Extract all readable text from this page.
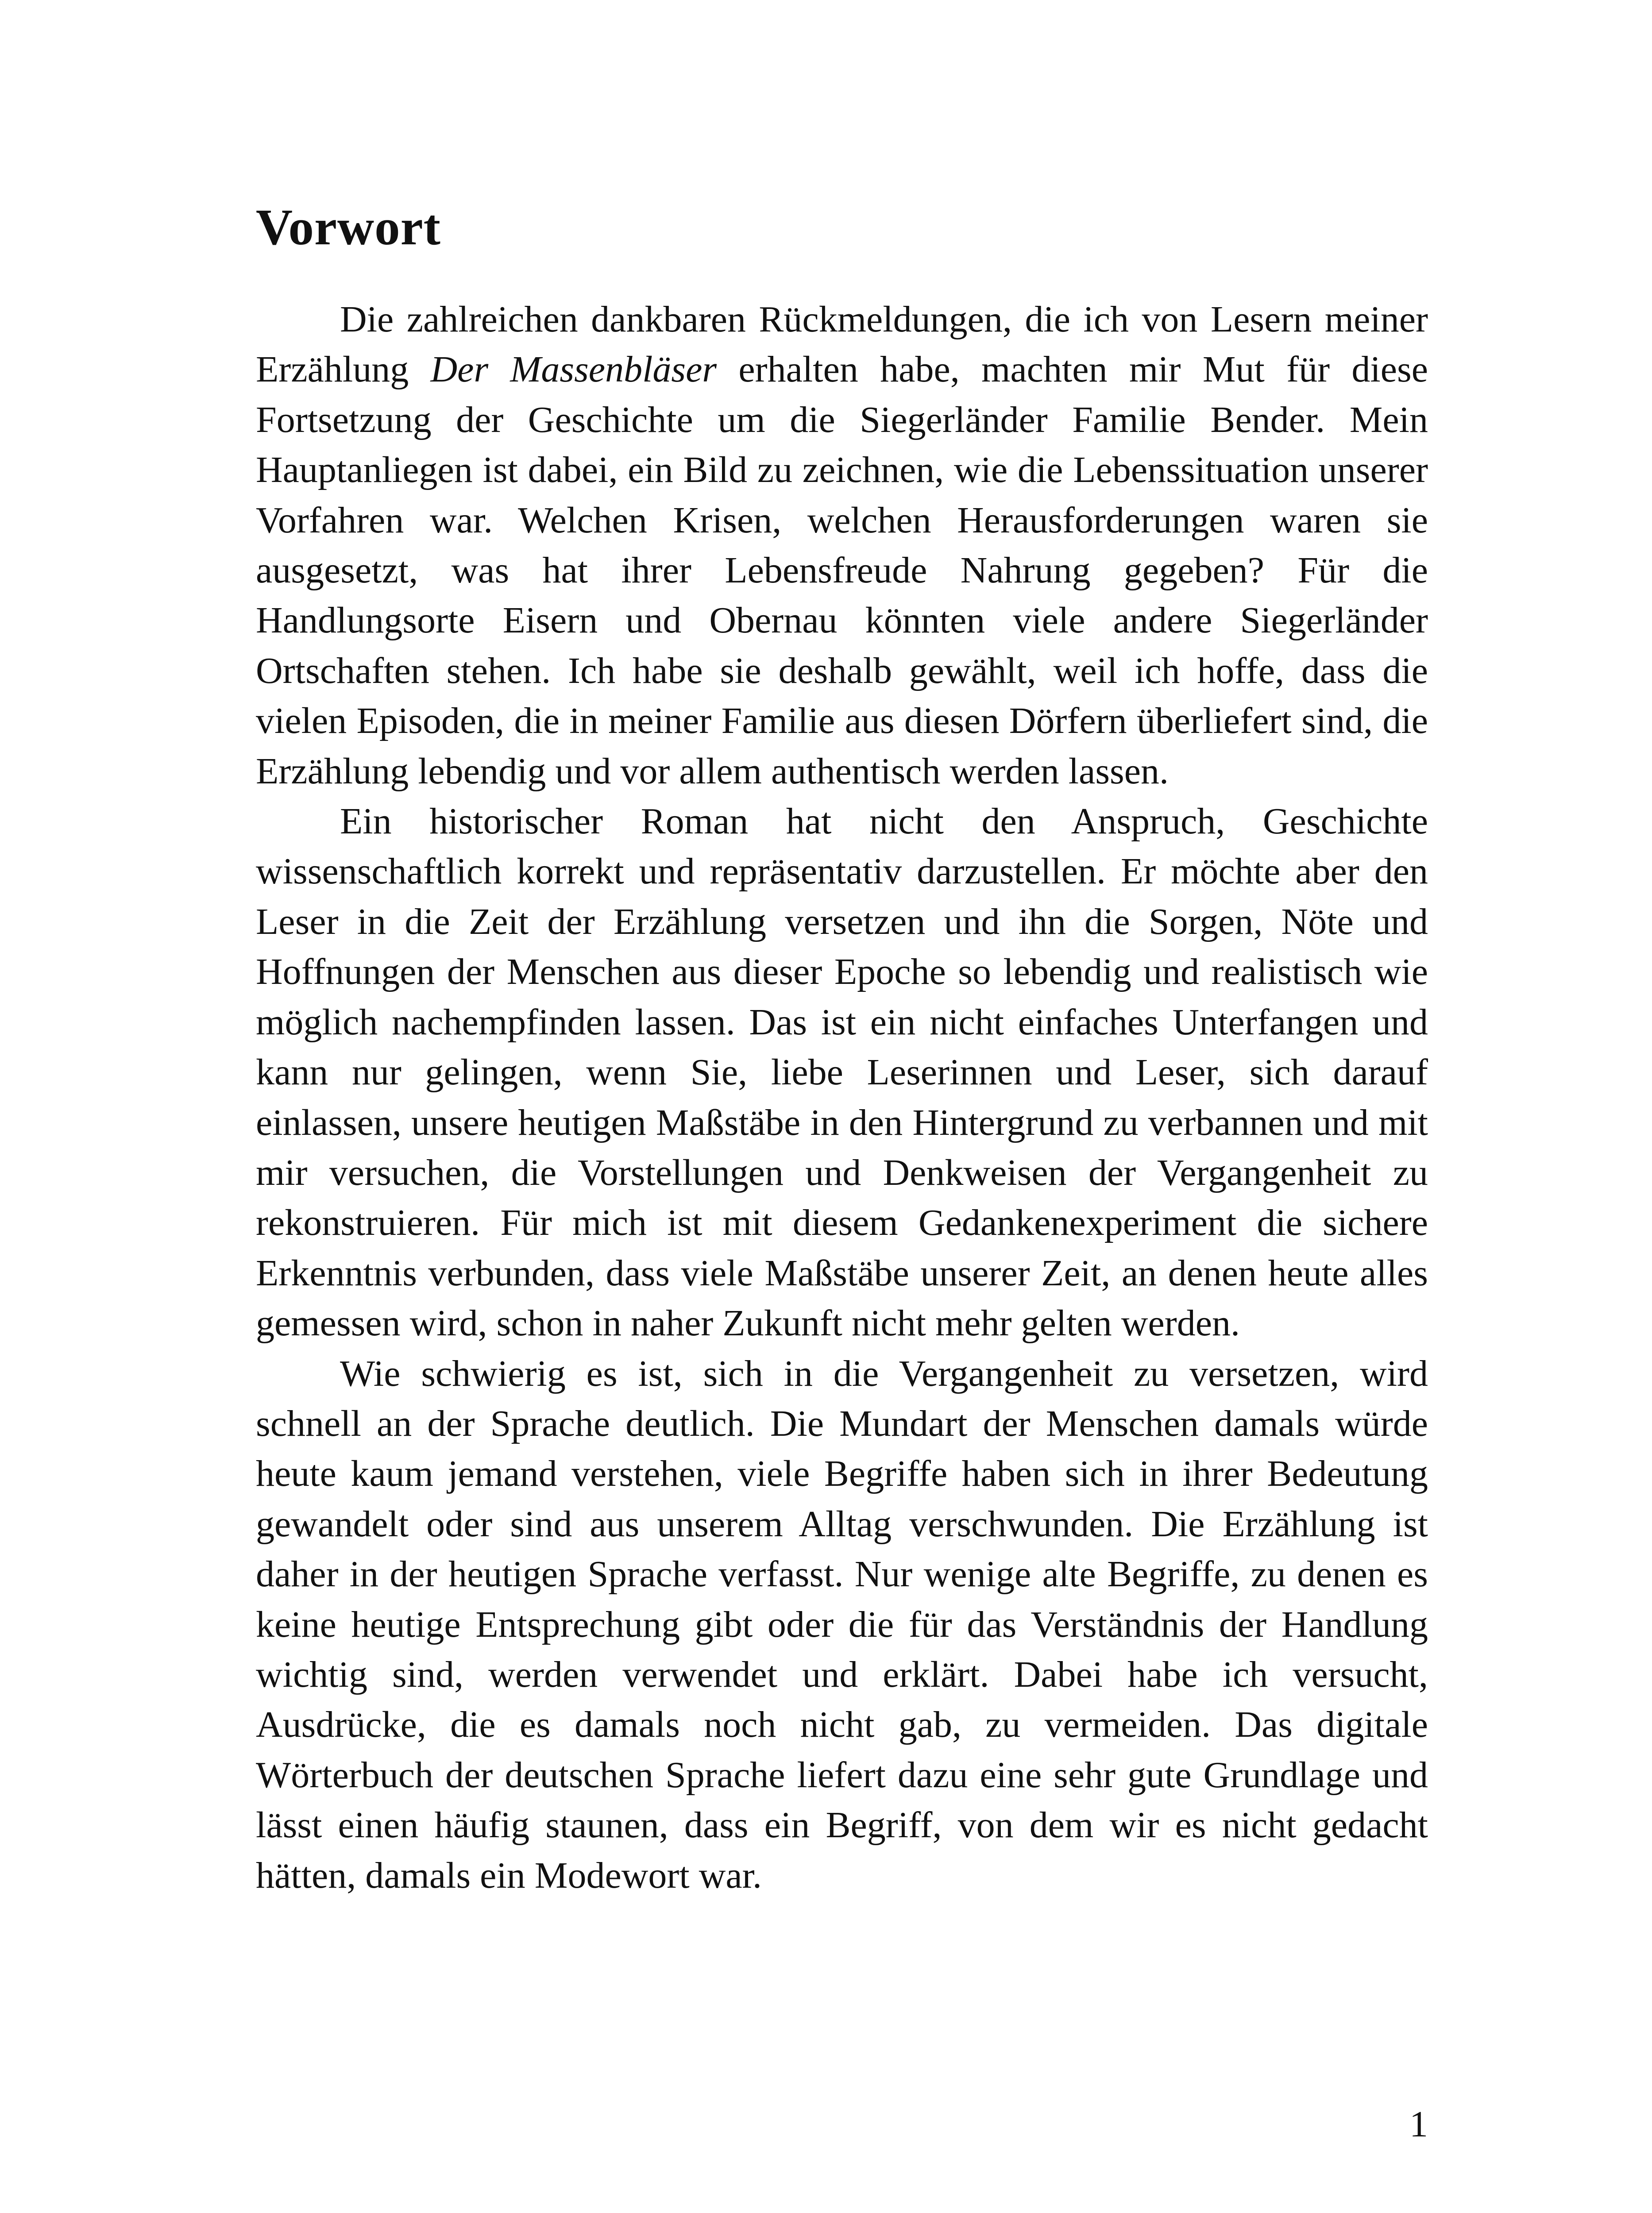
Vorwort

Die zahlreichen dankbaren Rückmeldungen, die ich von Lesern meiner Erzählung Der Massenbläser erhalten habe, machten mir Mut für diese Fortsetzung der Geschichte um die Siegerländer Familie Bender. Mein Hauptanliegen ist dabei, ein Bild zu zeichnen, wie die Lebenssituation unserer Vorfahren war. Welchen Krisen, welchen Herausforderungen waren sie ausgesetzt, was hat ihrer Lebensfreude Nahrung gegeben? Für die Handlungsorte Eisern und Obernau könnten viele andere Siegerländer Ortschaften stehen. Ich habe sie deshalb gewählt, weil ich hoffe, dass die vielen Episoden, die in meiner Familie aus diesen Dörfern überliefert sind, die Erzählung lebendig und vor allem authentisch werden lassen.

Ein historischer Roman hat nicht den Anspruch, Geschichte wissenschaftlich korrekt und repräsentativ darzustellen. Er möchte aber den Leser in die Zeit der Erzählung versetzen und ihn die Sorgen, Nöte und Hoffnungen der Menschen aus dieser Epoche so lebendig und realistisch wie möglich nachempfinden lassen. Das ist ein nicht einfaches Unterfangen und kann nur gelingen, wenn Sie, liebe Leserinnen und Leser, sich darauf einlassen, unsere heutigen Maßstäbe in den Hintergrund zu verbannen und mit mir versuchen, die Vorstellungen und Denkweisen der Vergangenheit zu rekonstruieren. Für mich ist mit diesem Gedankenexperiment die sichere Erkenntnis verbunden, dass viele Maßstäbe unserer Zeit, an denen heute alles gemessen wird, schon in naher Zukunft nicht mehr gelten werden.

Wie schwierig es ist, sich in die Vergangenheit zu versetzen, wird schnell an der Sprache deutlich. Die Mundart der Menschen damals würde heute kaum jemand verstehen, viele Begriffe haben sich in ihrer Bedeutung gewandelt oder sind aus unserem Alltag verschwunden. Die Erzählung ist daher in der heutigen Sprache verfasst. Nur wenige alte Begriffe, zu denen es keine heutige Entsprechung gibt oder die für das Verständnis der Handlung wichtig sind, werden verwendet und erklärt. Dabei habe ich versucht, Ausdrücke, die es damals noch nicht gab, zu vermeiden. Das digitale Wörterbuch der deutschen Sprache liefert dazu eine sehr gute Grundlage und lässt einen häufig staunen, dass ein Begriff, von dem wir es nicht gedacht hätten, damals ein Modewort war.

1
